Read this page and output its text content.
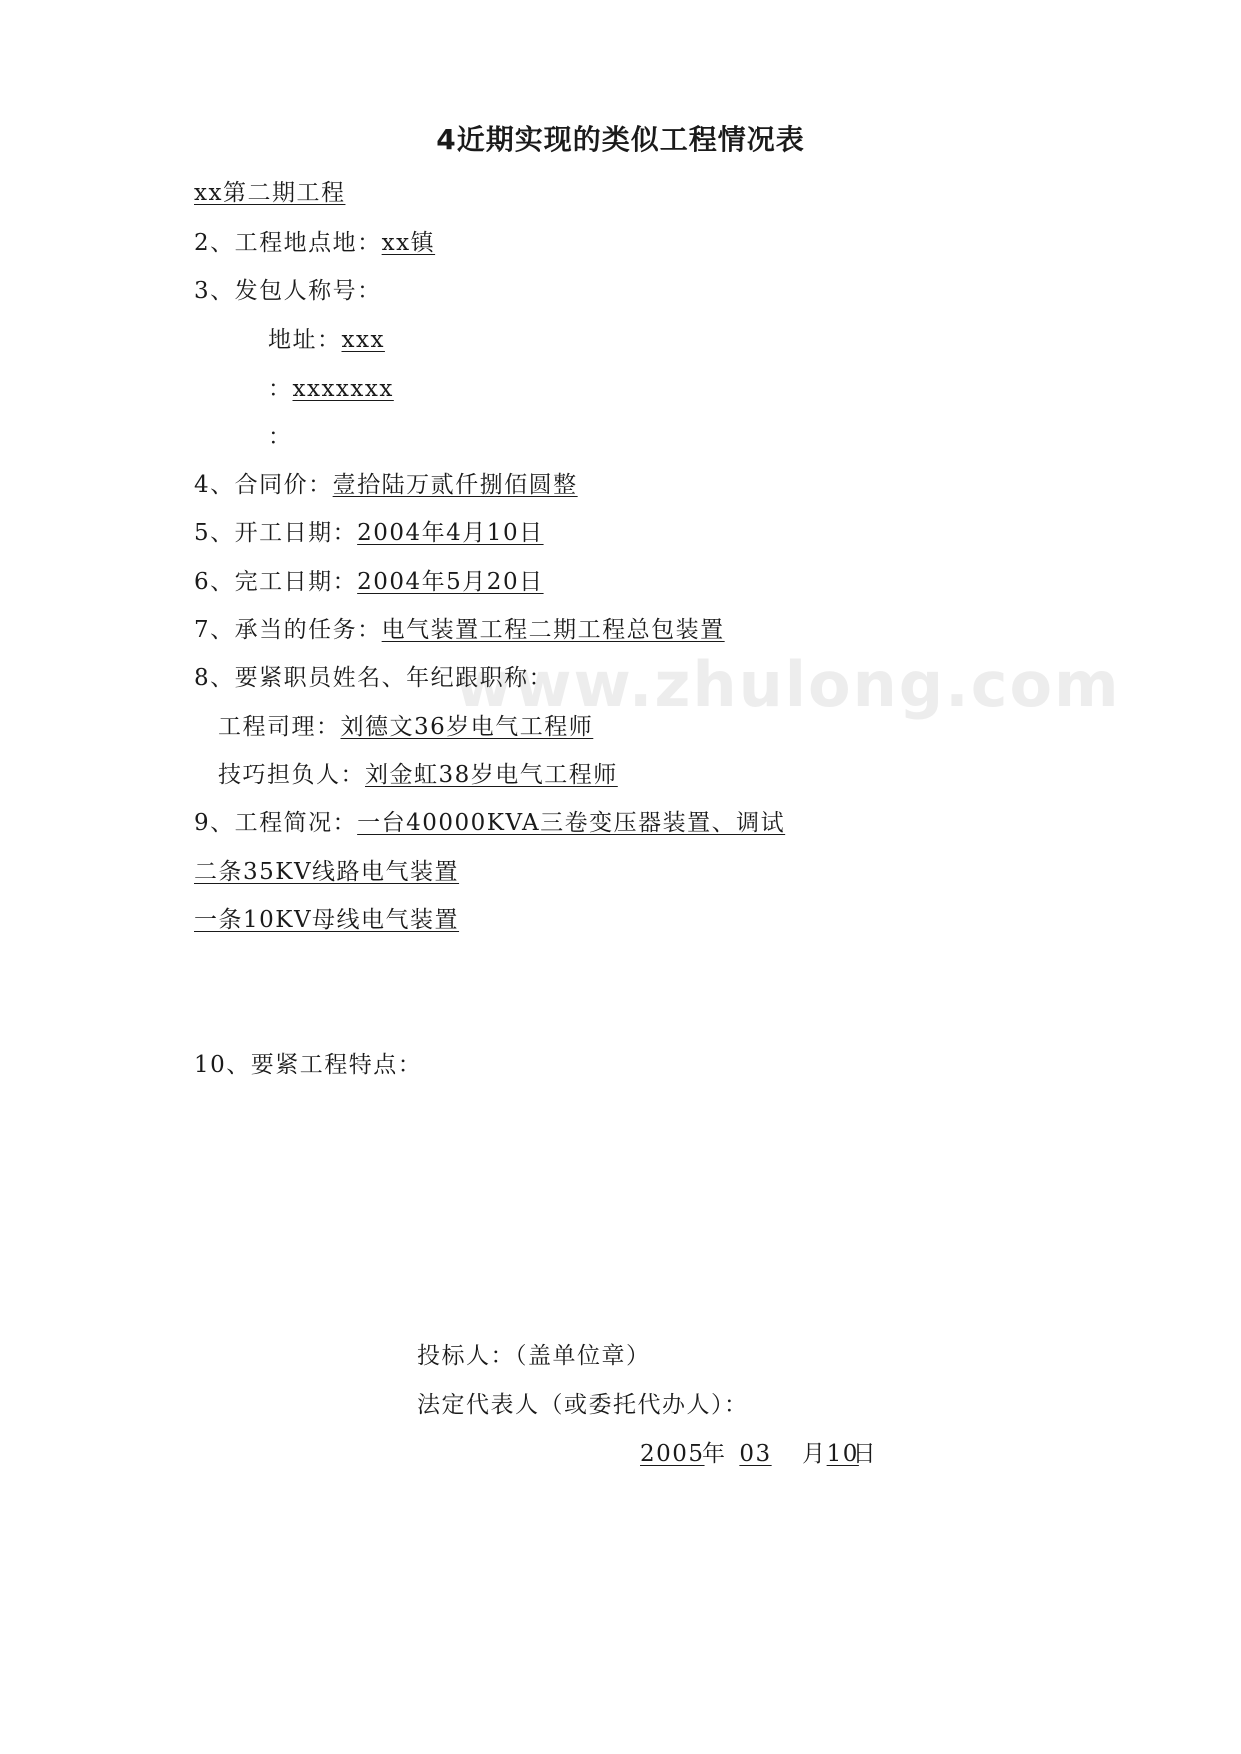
www.zhulong.com
4近期实现的类似工程情况表
xx第二期工程
2、工程地点地：xx镇
3、发包人称号：
地址：xxx
：xxxxxxx
：
4、合同价：壹拾陆万贰仟捌佰圆整
5、开工日期：2004年4月10日
6、完工日期：2004年5月20日
7、承当的任务：电气装置工程二期工程总包装置
8、要紧职员姓名、年纪跟职称：
工程司理：刘德文36岁电气工程师
技巧担负人：刘金虹38岁电气工程师
9、工程简况：一台40000KVA三卷变压器装置、调试
二条35KV线路电气装置
一条10KV母线电气装置
10、要紧工程特点：
投标人：（盖单位章）
法定代表人（或委托代办人）：
2005年 03 月10日
